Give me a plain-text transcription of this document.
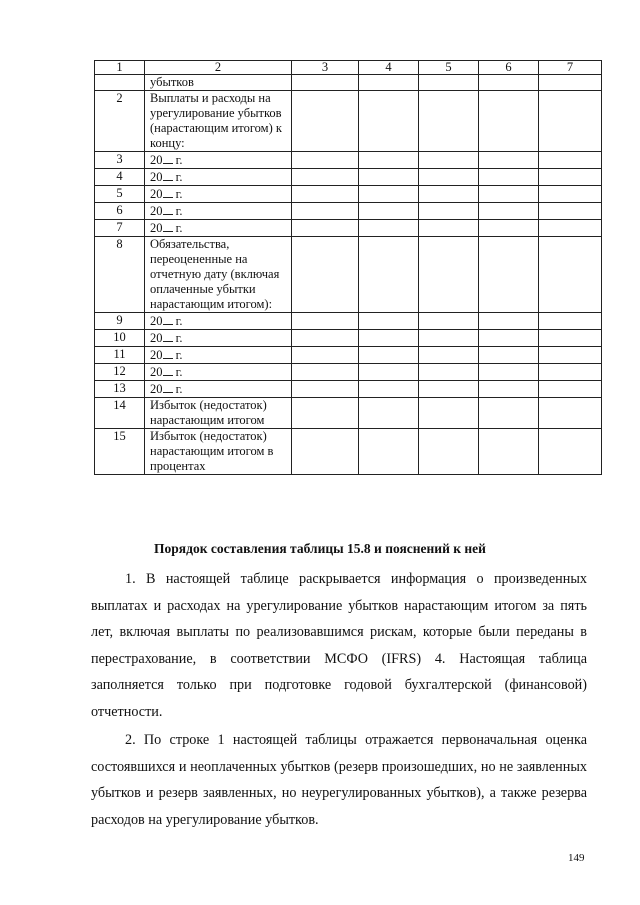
1	2	3	4	5	6	7
	убытков					
2	Выплаты и расходы на урегулирование убытков (нарастающим итогом) к концу:					
3	20 г.					
4	20 г.					
5	20 г.					
6	20 г.					
7	20 г.					
8	Обязательства, переоцененные на отчетную дату (включая оплаченные убытки нарастающим итогом):					
9	20 г.					
10	20 г.					
11	20 г.					
12	20 г.					
13	20 г.					
14	Избыток (недостаток) нарастающим итогом					
15	Избыток (недостаток) нарастающим итогом в процентах					
Порядок составления таблицы 15.8 и пояснений к ней

1. В настоящей таблице раскрывается информация о произведенных выплатах и расходах на урегулирование убытков нарастающим итогом за пять лет, включая выплаты по реализовавшимся рискам, которые были переданы в перестрахование, в соответствии МСФО (IFRS) 4. Настоящая таблица заполняется только при подготовке годовой бухгалтерской (финансовой) отчетности.

2. По строке 1 настоящей таблицы отражается первоначальная оценка состоявшихся и неоплаченных убытков (резерв произошедших, но не заявленных убытков и резерв заявленных, но неурегулированных убытков), а также резерва расходов на урегулирование убытков.

149
